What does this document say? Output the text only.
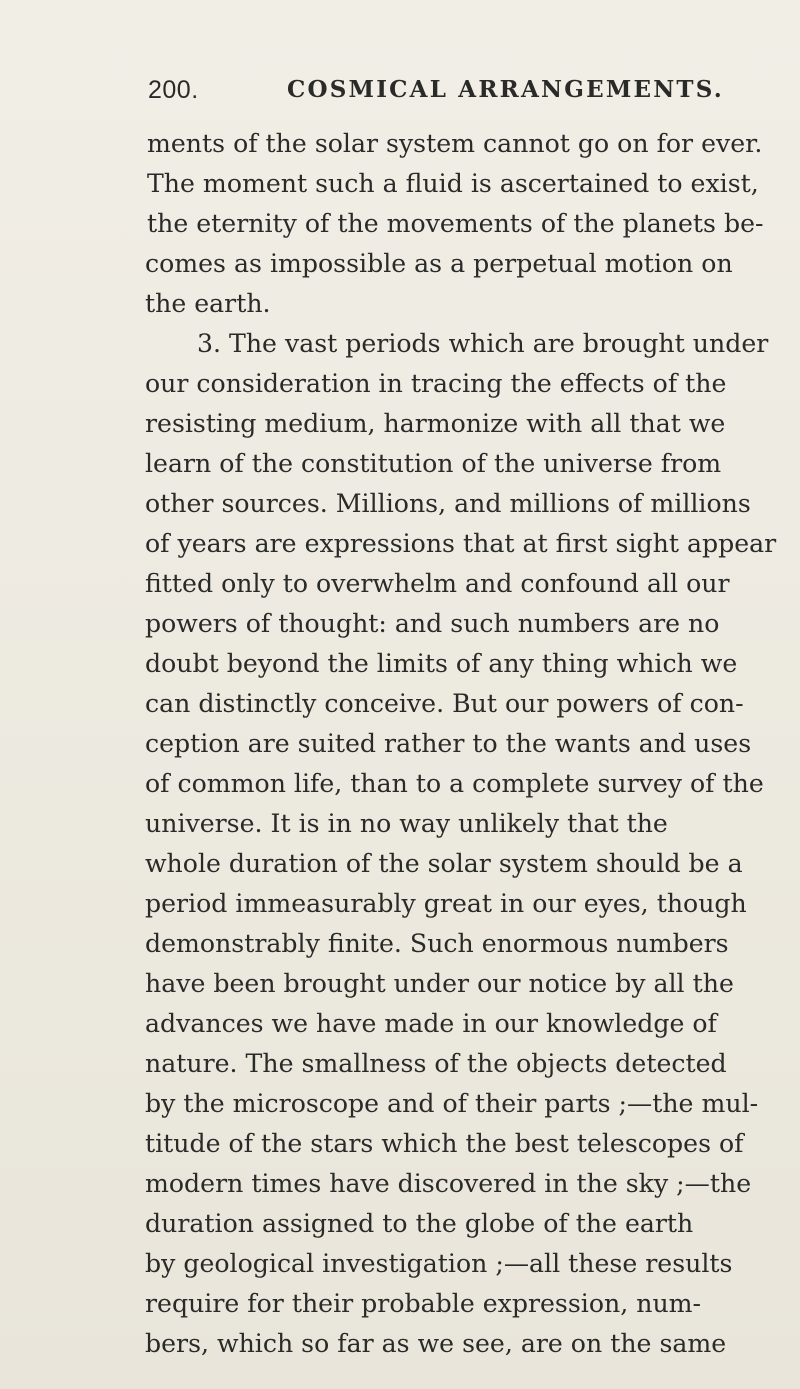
200.	COSMICAL ARRANGEMENTS.
ments of the solar system cannot go on for ever.
The moment such a fluid is ascertained to exist,
the eternity of the movements of the planets be-
comes as impossible as a perpetual motion on
the earth.
3. The vast periods which are brought under
our consideration in tracing the effects of the
resisting medium, harmonize with all that we
learn of the constitution of the universe from
other sources. Millions, and millions of millions
of years are expressions that at first sight appear
fitted only to overwhelm and confound all our
powers of thought: and such numbers are no
doubt beyond the limits of any thing which we
can distinctly conceive. But our powers of con-
ception are suited rather to the wants and uses
of common life, than to a complete survey of the
universe. It is in no way unlikely that the
whole duration of the solar system should be a
period immeasurably great in our eyes, though
demonstrably finite. Such enormous numbers
have been brought under our notice by all the
advances we have made in our knowledge of
nature. The smallness of the objects detected
by the microscope and of their parts ;—the mul-
titude of the stars which the best telescopes of
modern times have discovered in the sky ;—the
duration assigned to the globe of the earth
by geological investigation ;—all these results
require for their probable expression, num-
bers, which so far as we see, are on the same
